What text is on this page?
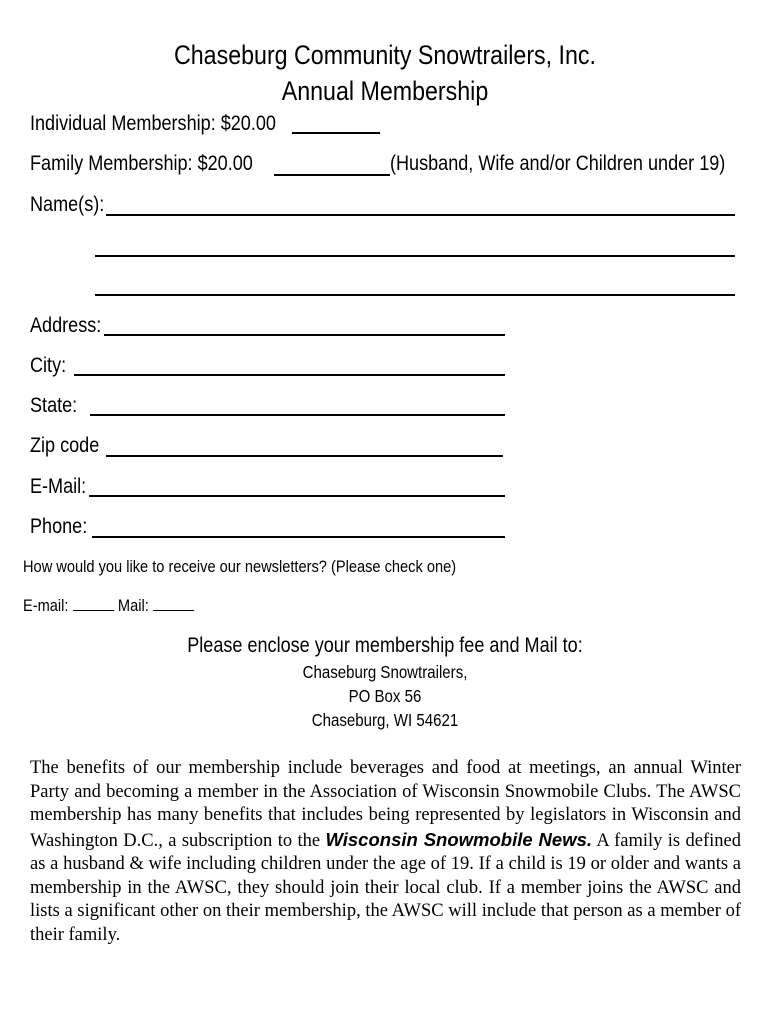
Chaseburg Community Snowtrailers, Inc.
Annual Membership
Individual Membership: $20.00
Family Membership: $20.00	(Husband, Wife and/or Children under 19)
Name(s):
Address:
City:
State:
Zip code
E-Mail:
Phone:
How would you like to receive our newsletters? (Please check one)
E-mail:	Mail:
Please enclose your membership fee and Mail to:
Chaseburg Snowtrailers,
PO Box 56
Chaseburg, WI 54621
The benefits of our membership include beverages and food at meetings, an annual Winter Party and becoming a member in the Association of Wisconsin Snowmobile Clubs. The AWSC membership has many benefits that includes being represented by legislators in Wisconsin and Washington D.C., a subscription to the Wisconsin Snowmobile News. A family is defined as a husband & wife including children under the age of 19. If a child is 19 or older and wants a membership in the AWSC, they should join their local club. If a member joins the AWSC and lists a significant other on their membership, the AWSC will include that person as a member of their family.
